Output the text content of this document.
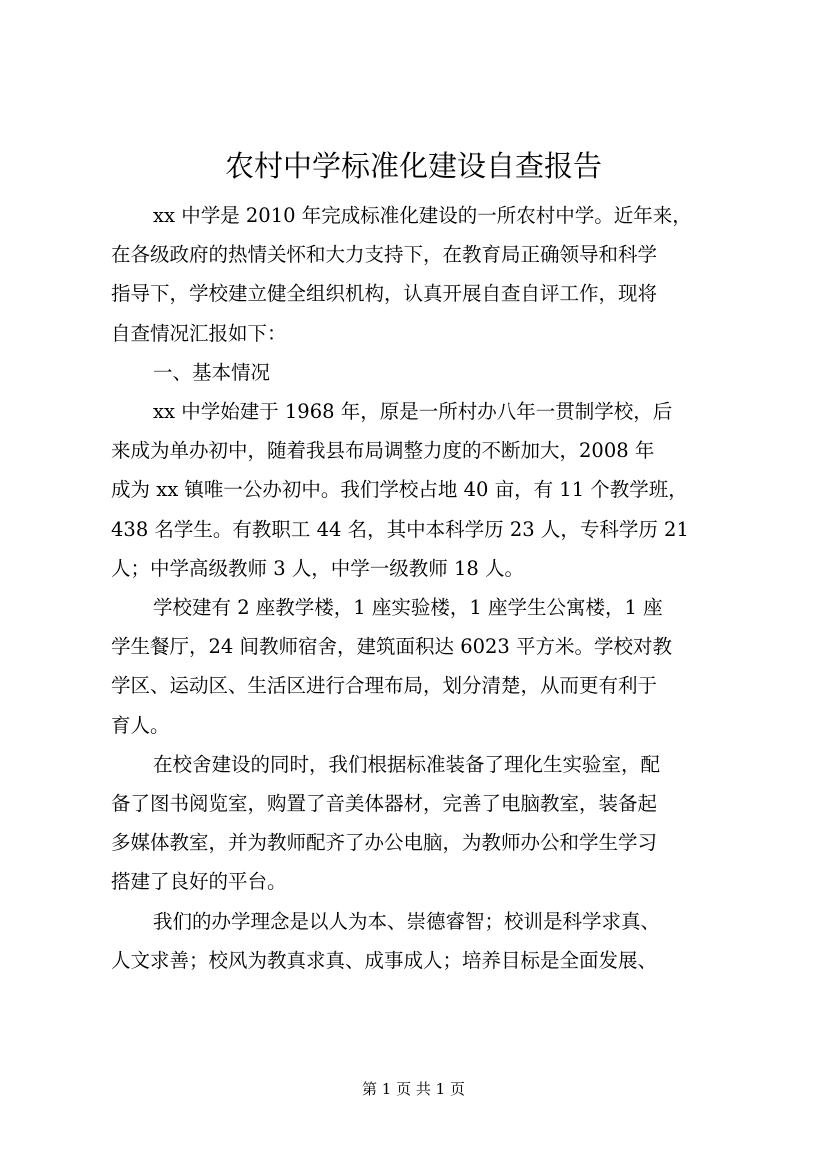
农村中学标准化建设自查报告
xx 中学是 2010 年完成标准化建设的一所农村中学。近年来，
在各级政府的热情关怀和大力支持下，在教育局正确领导和科学
指导下，学校建立健全组织机构，认真开展自查自评工作，现将
自查情况汇报如下：
一、基本情况
xx 中学始建于 1968 年，原是一所村办八年一贯制学校，后
来成为单办初中，随着我县布局调整力度的不断加大，2008 年
成为 xx 镇唯一公办初中。我们学校占地 40 亩，有 11 个教学班，
438 名学生。有教职工 44 名，其中本科学历 23 人，专科学历 21
人；中学高级教师 3 人，中学一级教师 18 人。
学校建有 2 座教学楼，1 座实验楼，1 座学生公寓楼，1 座
学生餐厅，24 间教师宿舍，建筑面积达 6023 平方米。学校对教
学区、运动区、生活区进行合理布局，划分清楚，从而更有利于
育人。
在校舍建设的同时，我们根据标准装备了理化生实验室，配
备了图书阅览室，购置了音美体器材，完善了电脑教室，装备起
多媒体教室，并为教师配齐了办公电脑，为教师办公和学生学习
搭建了良好的平台。
我们的办学理念是以人为本、崇德睿智；校训是科学求真、
人文求善；校风为教真求真、成事成人；培养目标是全面发展、
第 1 页 共 1 页
